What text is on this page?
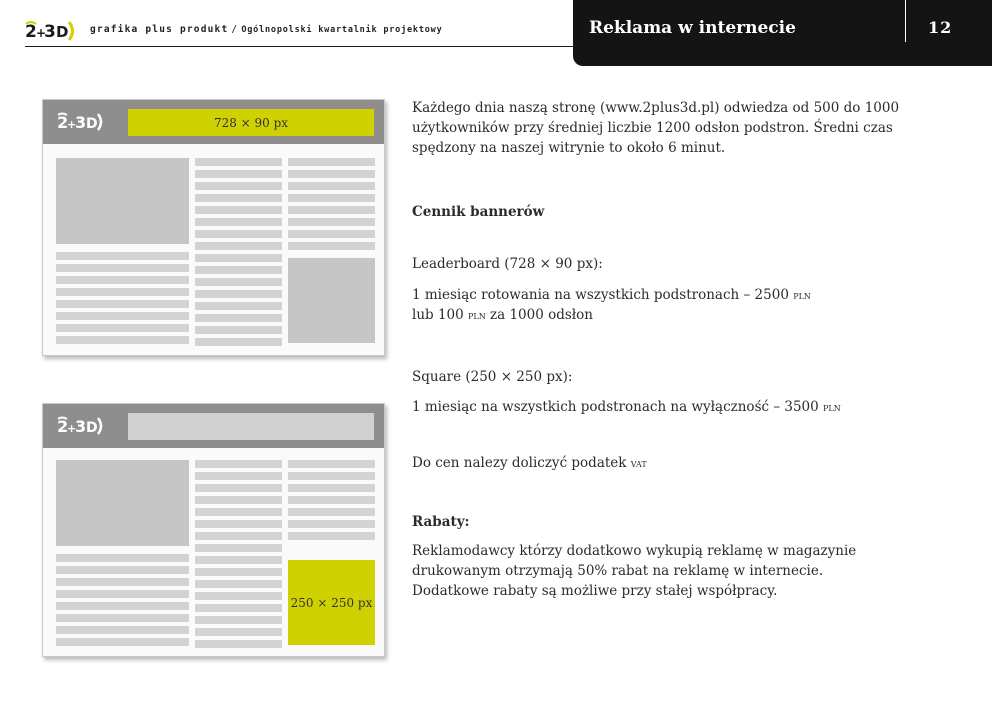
2 +
3 D grafika plus produkt / Ogólnopolski kwartalnik projektowy	Reklama w internecie	12
2
+
3 D	728 × 90 px
2
+
3 D
250 × 250 px
Każdego dnia naszą stronę (www.2plus3d.pl) odwiedza od 500 do 1000
użytkowników przy średniej liczbie 1200 odsłon podstron. Średni czas
spędzony na naszej witrynie to około 6 minut.
Cennik bannerów
Leaderboard (728 × 90 px):
1 miesiąc rotowania na wszystkich podstronach – 2500 pln
lub 100 pln za 1000 odsłon
Square (250 × 250 px):
1 miesiąc na wszystkich podstronach na wyłączność – 3500 pln
Do cen nalezy doliczyć podatek vat
Rabaty:
Reklamodawcy którzy dodatkowo wykupią reklamę w magazynie
drukowanym otrzymają 50% rabat na reklamę w internecie.
Dodatkowe rabaty są możliwe przy stałej współpracy.
